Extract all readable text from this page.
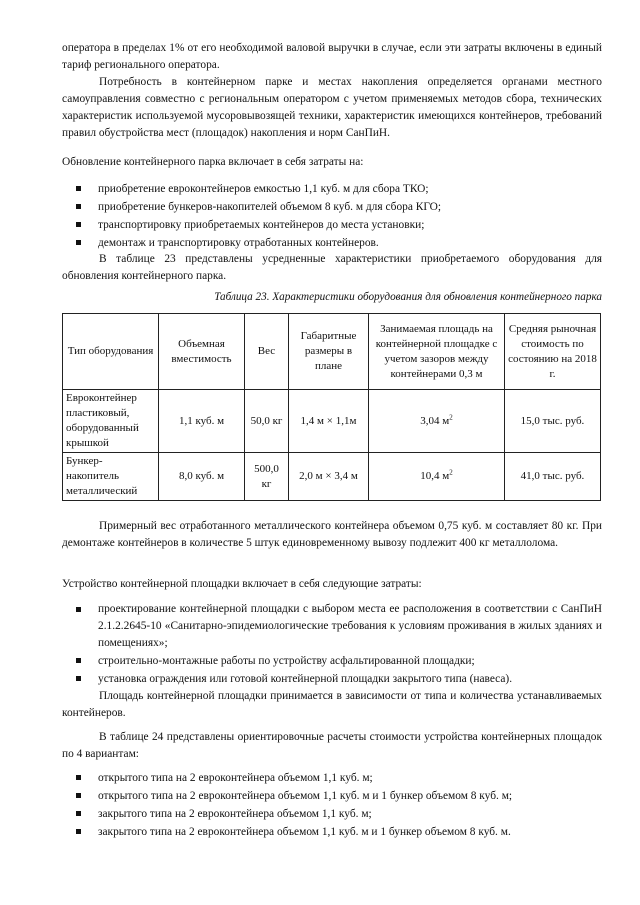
оператора в пределах 1% от его необходимой валовой выручки в случае, если эти затраты включены в единый тариф регионального оператора.

Потребность в контейнерном парке и местах накопления определяется органами местного самоуправления совместно с региональным оператором с учетом применяемых методов сбора, технических характеристик используемой мусоровывозящей техники, характеристик имеющихся контейнеров, требований правил обустройства мест (площадок) накопления и норм СанПиН.

Обновление контейнерного парка включает в себя затраты на:

приобретение евроконтейнеров емкостью 1,1 куб. м для сбора ТКО;
приобретение бункеров-накопителей объемом 8 куб. м для сбора КГО;
транспортировку приобретаемых контейнеров до места установки;
демонтаж и транспортировку отработанных контейнеров.

В таблице 23 представлены усредненные характеристики приобретаемого оборудования для обновления контейнерного парка.

Таблица 23. Характеристики оборудования для обновления контейнерного парка
Тип оборудования	Объемная вместимость	Вес	Габаритные размеры в плане	Занимаемая площадь на контейнерной площадке с учетом зазоров между контейнерами 0,3 м	Средняя рыночная стоимость по состоянию на 2018 г.
Евроконтейнер пластиковый, оборудованный крышкой	1,1 куб. м	50,0 кг	1,4 м × 1,1м	3,04 $м^2$	15,0 тыс. руб.
Бункер-накопитель металлический	8,0 куб. м	500,0 кг	2,0 м × 3,4 м	10,4 $м^2$	41,0 тыс. руб.

Примерный вес отработанного металлического контейнера объемом 0,75 куб. м составляет 80 кг. При демонтаже контейнеров в количестве 5 штук единовременному вывозу подлежит 400 кг металлолома.

Устройство контейнерной площадки включает в себя следующие затраты:

проектирование контейнерной площадки с выбором места ее расположения в соответствии с СанПиН 2.1.2.2645-10 «Санитарно-эпидемиологические требования к условиям проживания в жилых зданиях и помещениях»;
строительно-монтажные работы по устройству асфальтированной площадки;
установка ограждения или готовой контейнерной площадки закрытого типа (навеса).

Площадь контейнерной площадки принимается в зависимости от типа и количества устанавливаемых контейнеров.

В таблице 24 представлены ориентировочные расчеты стоимости устройства контейнерных площадок по 4 вариантам:

открытого типа на 2 евроконтейнера объемом 1,1 куб. м;
открытого типа на 2 евроконтейнера объемом 1,1 куб. м и 1 бункер объемом 8 куб. м;
закрытого типа на 2 евроконтейнера объемом 1,1 куб. м;
закрытого типа на 2 евроконтейнера объемом 1,1 куб. м и 1 бункер объемом 8 куб. м.
